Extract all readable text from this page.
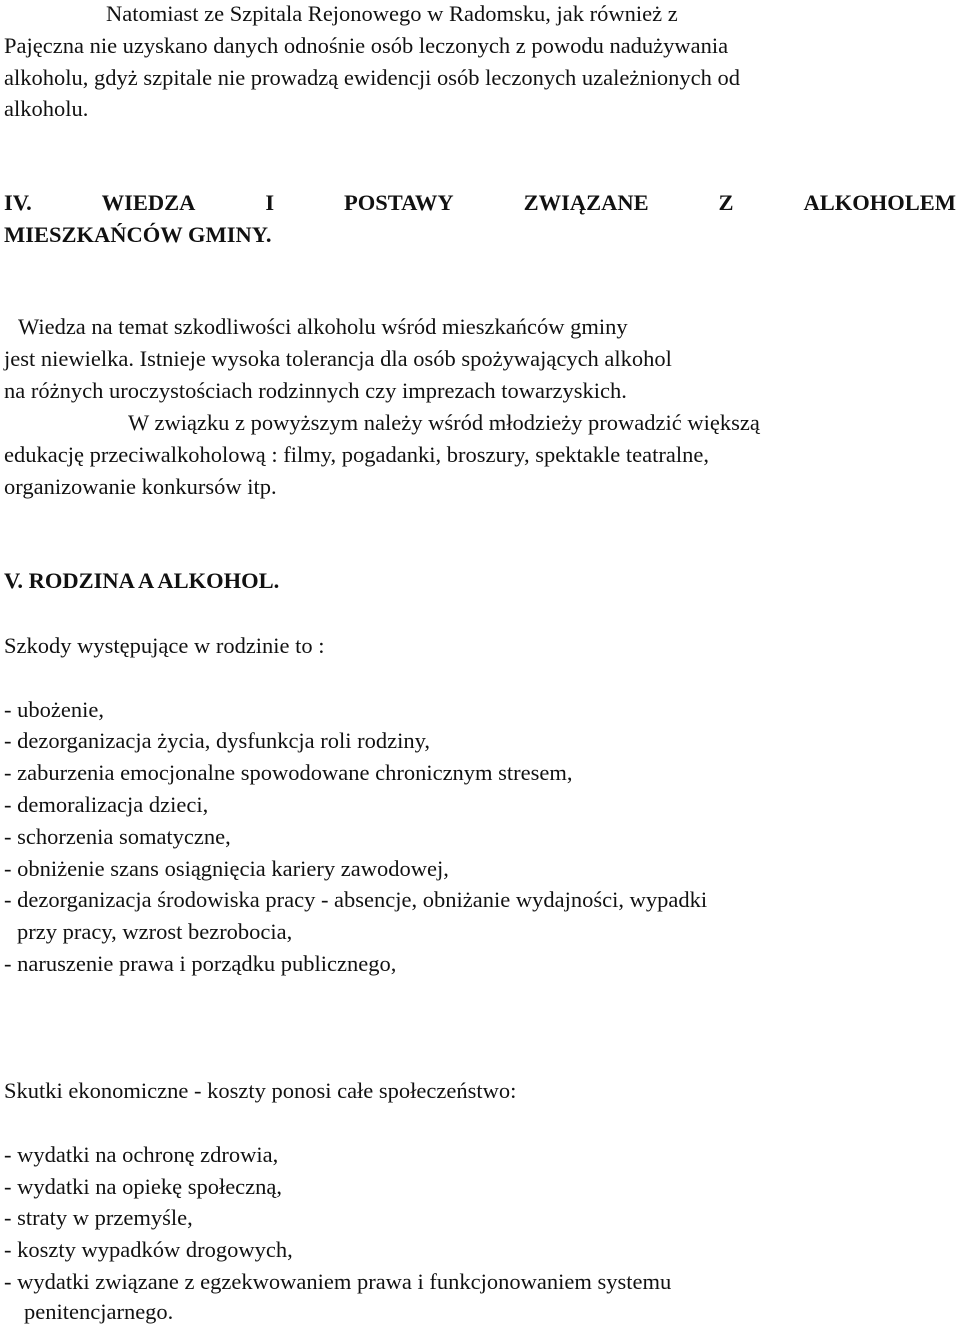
Natomiast ze Szpitala Rejonowego w Radomsku, jak również z
Pajęczna nie uzyskano danych odnośnie osób leczonych z powodu nadużywania
alkoholu, gdyż szpitale nie prowadzą ewidencji osób leczonych uzależnionych od
alkoholu.
IV.	WIEDZA	I	POSTAWY	ZWIĄZANE	Z	ALKOHOLEM
MIESZKAŃCÓW GMINY.
Wiedza na temat szkodliwości alkoholu wśród mieszkańców gminy
jest niewielka. Istnieje wysoka tolerancja dla osób spożywających alkohol
na różnych uroczystościach rodzinnych czy imprezach towarzyskich.
W związku z powyższym należy wśród młodzieży prowadzić większą
edukację przeciwalkoholową : filmy, pogadanki, broszury, spektakle teatralne,
organizowanie konkursów itp.
V. RODZINA A ALKOHOL.
Szkody występujące w rodzinie to :
- ubożenie,
- dezorganizacja życia, dysfunkcja roli rodziny,
- zaburzenia emocjonalne spowodowane chronicznym stresem,
- demoralizacja dzieci,
- schorzenia somatyczne,
- obniżenie szans osiągnięcia kariery zawodowej,
- dezorganizacja środowiska pracy - absencje, obniżanie wydajności, wypadki
przy pracy, wzrost bezrobocia,
- naruszenie prawa i porządku publicznego,
Skutki ekonomiczne - koszty ponosi całe społeczeństwo:
- wydatki na ochronę zdrowia,
- wydatki na opiekę społeczną,
- straty w przemyśle,
- koszty wypadków drogowych,
- wydatki związane z egzekwowaniem prawa i funkcjonowaniem systemu
penitencjarnego.
